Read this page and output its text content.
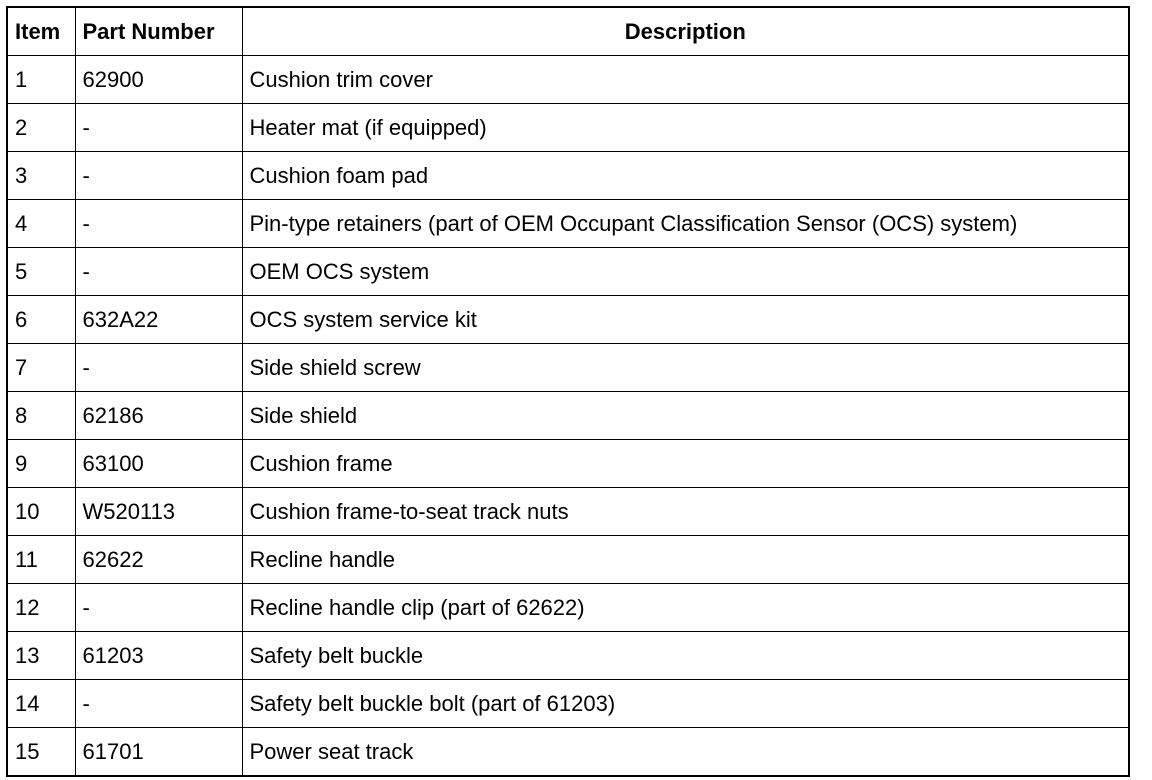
Item	Part Number	Description
1	62900	Cushion trim cover
2	-	Heater mat (if equipped)
3	-	Cushion foam pad
4	-	Pin-type retainers (part of OEM Occupant Classification Sensor (OCS) system)
5	-	OEM OCS system
6	632A22	OCS system service kit
7	-	Side shield screw
8	62186	Side shield
9	63100	Cushion frame
10	W520113	Cushion frame-to-seat track nuts
11	62622	Recline handle
12	-	Recline handle clip (part of 62622)
13	61203	Safety belt buckle
14	-	Safety belt buckle bolt (part of 61203)
15	61701	Power seat track
